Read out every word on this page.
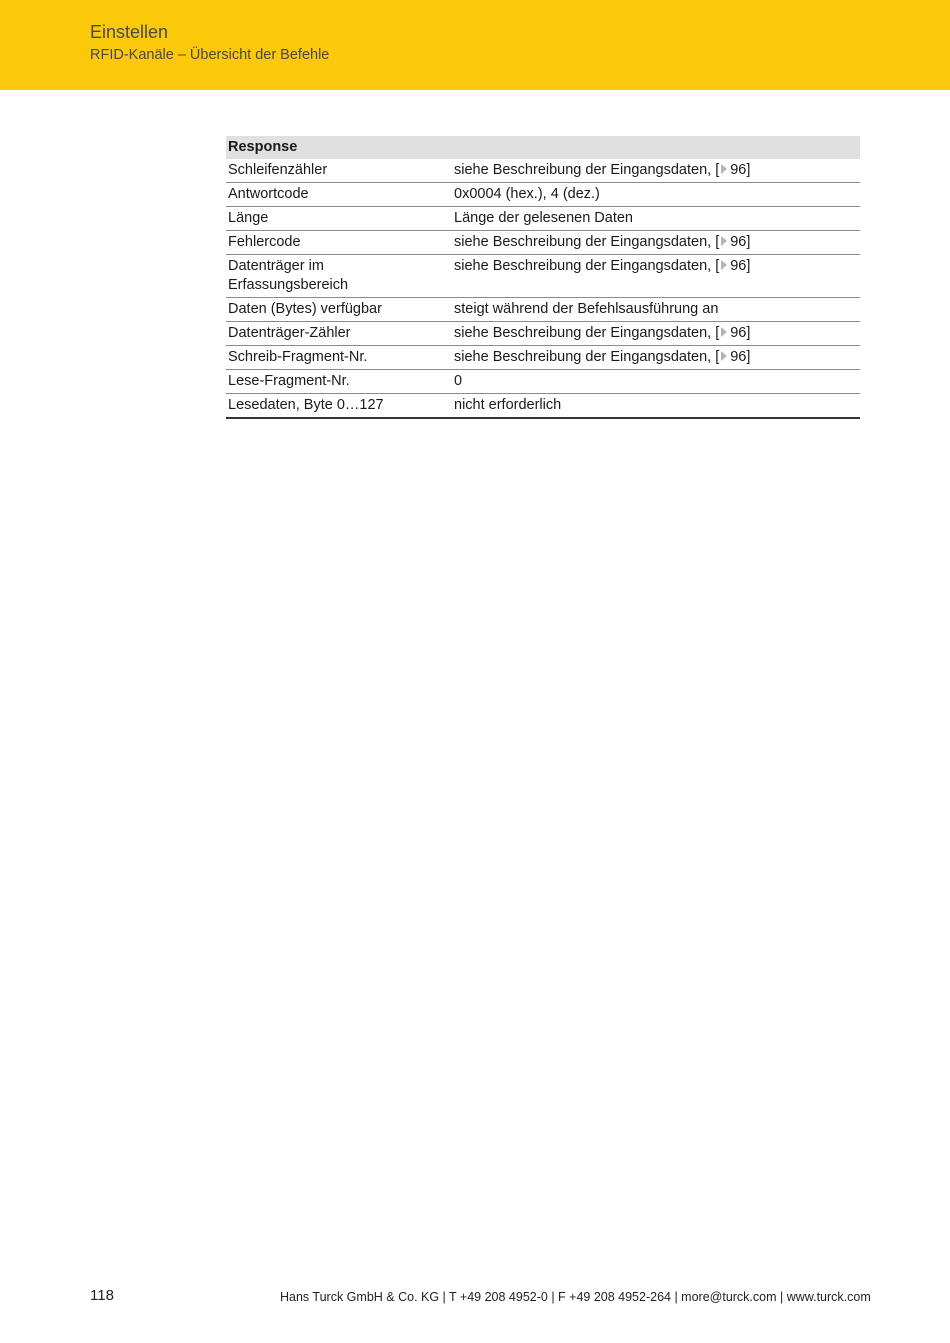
Einstellen
RFID-Kanäle – Übersicht der Befehle
Response	
Schleifenzähler	siehe Beschreibung der Eingangsdaten, [ 96]
Antwortcode	0x0004 (hex.), 4 (dez.)
Länge	Länge der gelesenen Daten
Fehlercode	siehe Beschreibung der Eingangsdaten, [ 96]

Datenträger im
Erfassungsbereich	siehe Beschreibung der Eingangsdaten, [ 96]
Daten (Bytes) verfügbar	steigt während der Befehlsausführung an
Datenträger-Zähler	siehe Beschreibung der Eingangsdaten, [ 96]
Schreib-Fragment-Nr.	siehe Beschreibung der Eingangsdaten, [ 96]
Lese-Fragment-Nr.	0
Lesedaten, Byte 0…127	nicht erforderlich
118	Hans Turck GmbH & Co. KG | T +49 208 4952-0 | F +49 208 4952-264 | more@turck.com | www.turck.com
